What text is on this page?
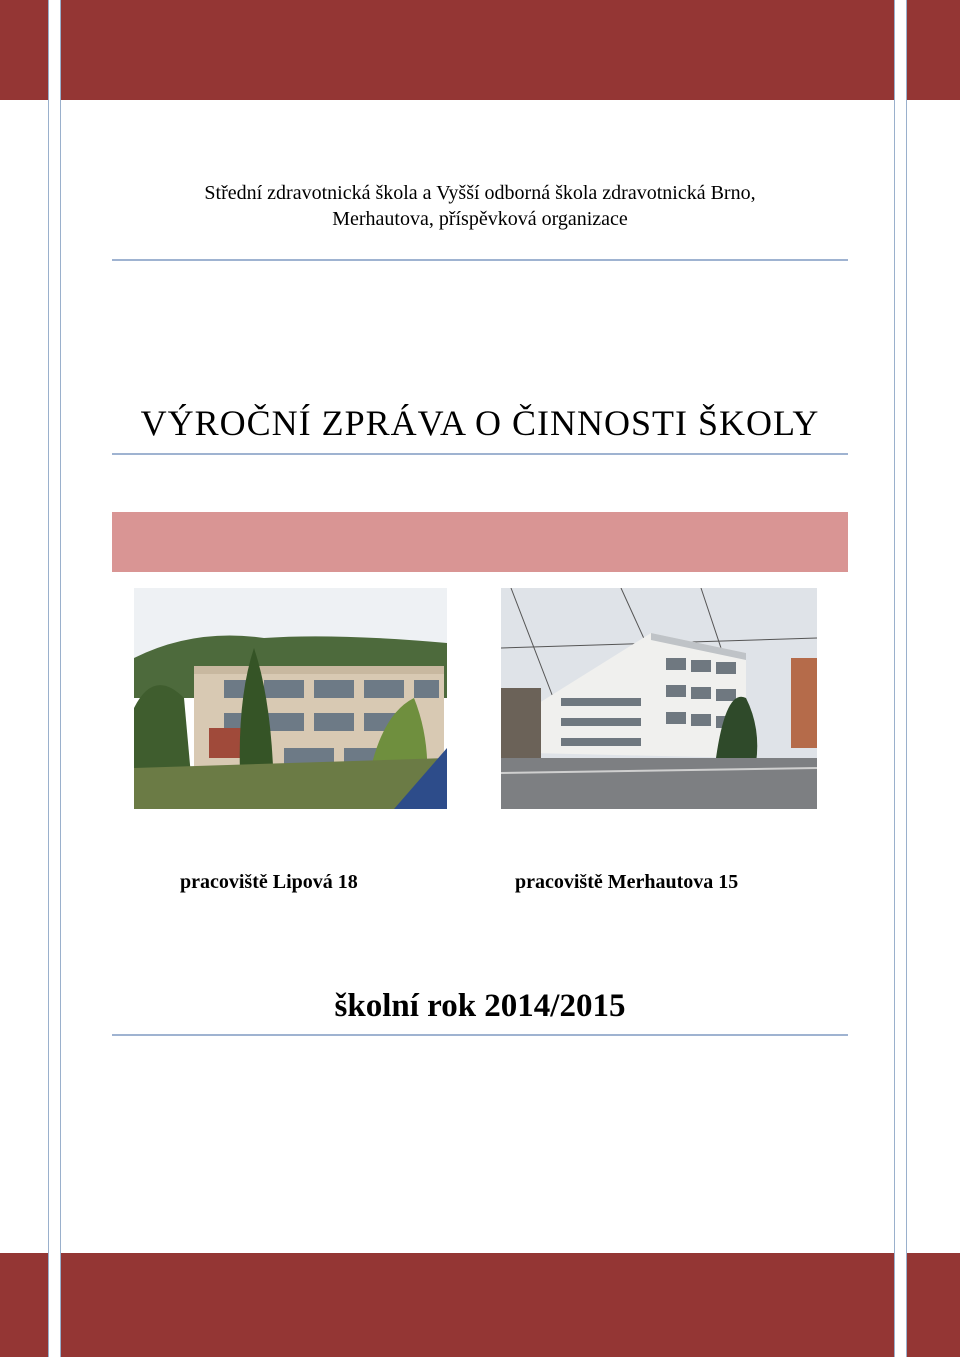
Střední zdravotnická škola a Vyšší odborná škola zdravotnická Brno,
Merhautova, příspěvková organizace
VÝROČNÍ ZPRÁVA O ČINNOSTI ŠKOLY
pracoviště Lipová 18	pracoviště Merhautova 15
školní rok 2014/2015
